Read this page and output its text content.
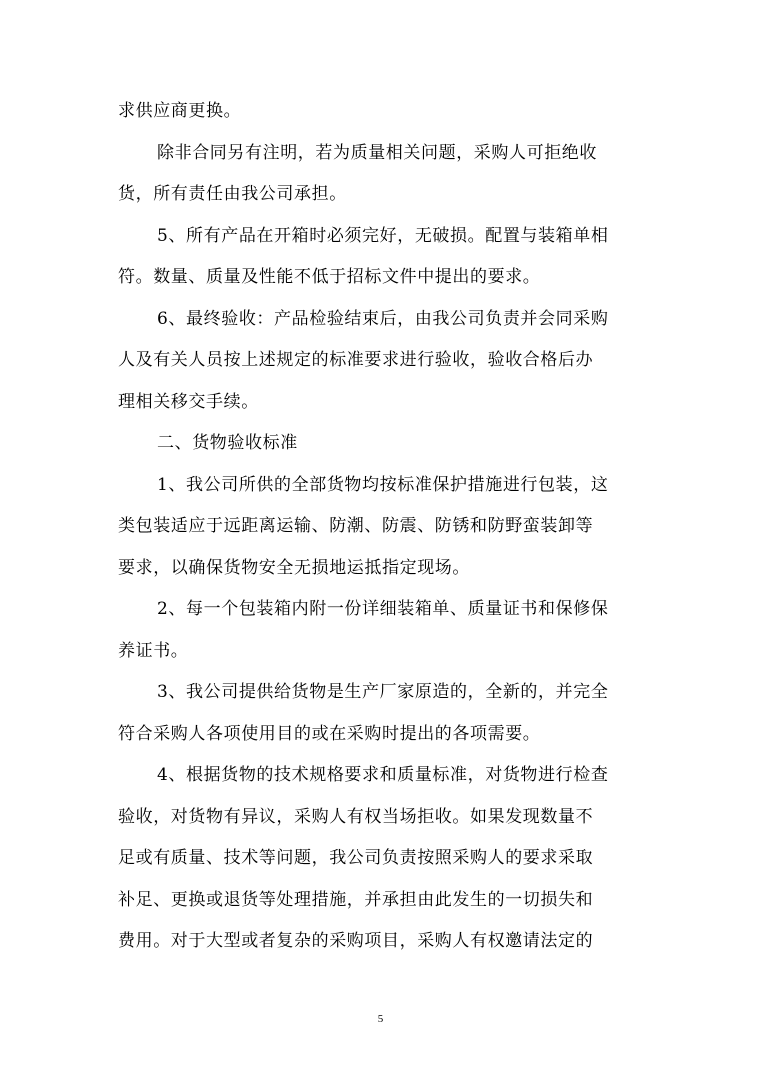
求供应商更换。
除非合同另有注明，若为质量相关问题，采购人可拒绝收
货，所有责任由我公司承担。
5、所有产品在开箱时必须完好，无破损。配置与装箱单相
符。数量、质量及性能不低于招标文件中提出的要求。
6、最终验收：产品检验结束后，由我公司负责并会同采购
人及有关人员按上述规定的标准要求进行验收，验收合格后办
理相关移交手续。
二、货物验收标准
1、我公司所供的全部货物均按标准保护措施进行包装，这
类包装适应于远距离运输、防潮、防震、防锈和防野蛮装卸等
要求，以确保货物安全无损地运抵指定现场。
2、每一个包装箱内附一份详细装箱单、质量证书和保修保
养证书。
3、我公司提供给货物是生产厂家原造的，全新的，并完全
符合采购人各项使用目的或在采购时提出的各项需要。
4、根据货物的技术规格要求和质量标准，对货物进行检查
验收，对货物有异议，采购人有权当场拒收。如果发现数量不
足或有质量、技术等问题，我公司负责按照采购人的要求采取
补足、更换或退货等处理措施，并承担由此发生的一切损失和
费用。对于大型或者复杂的采购项目，采购人有权邀请法定的
5
